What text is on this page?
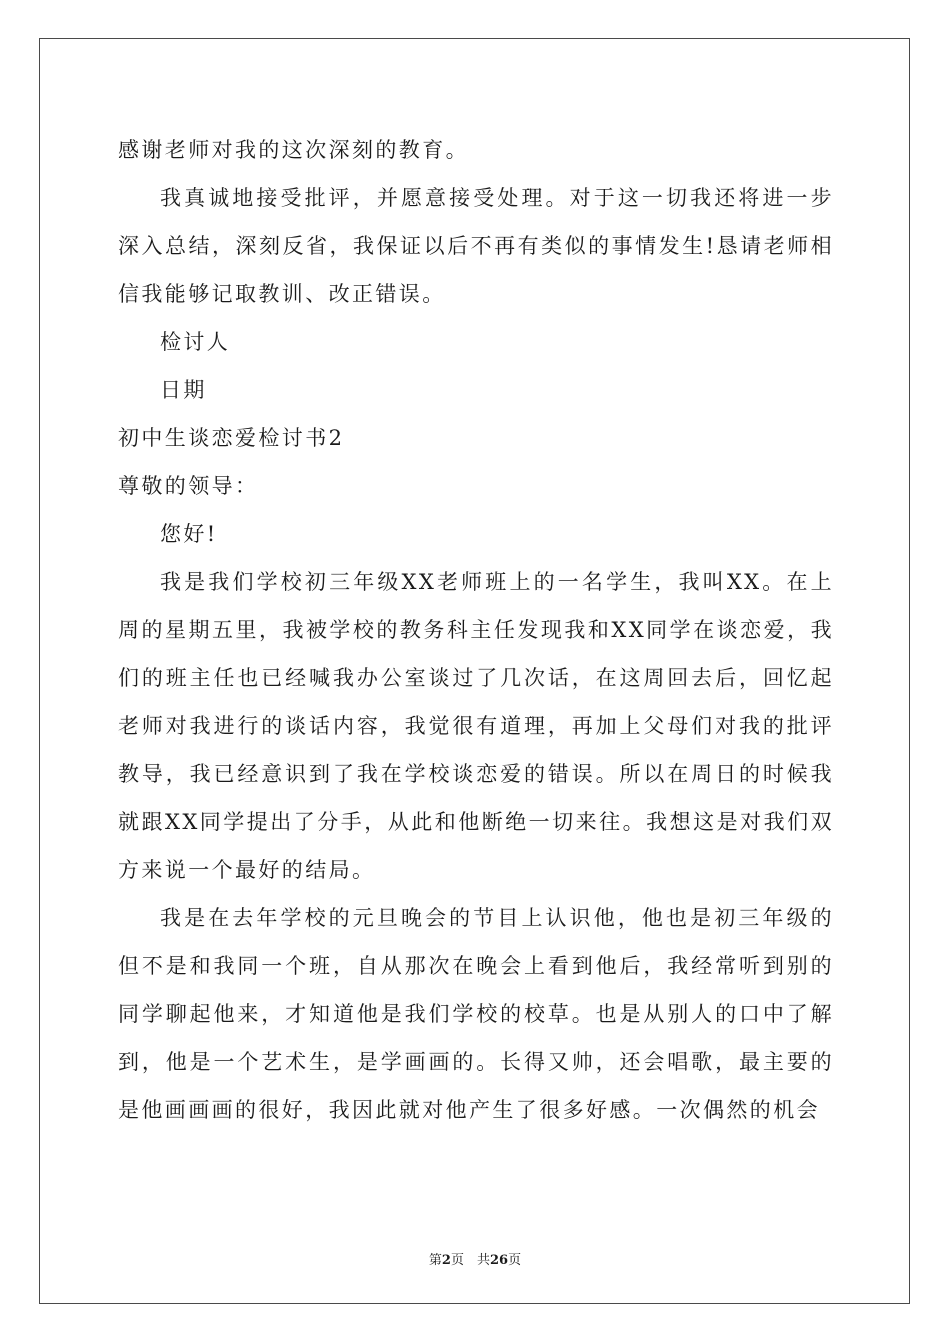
感谢老师对我的这次深刻的教育。

我真诚地接受批评，并愿意接受处理。对于这一切我还将进一步深入总结，深刻反省，我保证以后不再有类似的事情发生!恳请老师相信我能够记取教训、改正错误。

检讨人
日期
初中生谈恋爱检讨书2
尊敬的领导：
您好!

我是我们学校初三年级XX老师班上的一名学生，我叫XX。在上周的星期五里，我被学校的教务科主任发现我和XX同学在谈恋爱，我们的班主任也已经喊我办公室谈过了几次话，在这周回去后，回忆起老师对我进行的谈话内容，我觉很有道理，再加上父母们对我的批评教导，我已经意识到了我在学校谈恋爱的错误。所以在周日的时候我就跟XX同学提出了分手，从此和他断绝一切来往。我想这是对我们双方来说一个最好的结局。

我是在去年学校的元旦晚会的节目上认识他，他也是初三年级的但不是和我同一个班，自从那次在晚会上看到他后，我经常听到别的同学聊起他来，才知道他是我们学校的校草。也是从别人的口中了解到，他是一个艺术生，是学画画的。长得又帅，还会唱歌，最主要的是他画画画的很好，我因此就对他产生了很多好感。一次偶然的机会

第2页　共26页
